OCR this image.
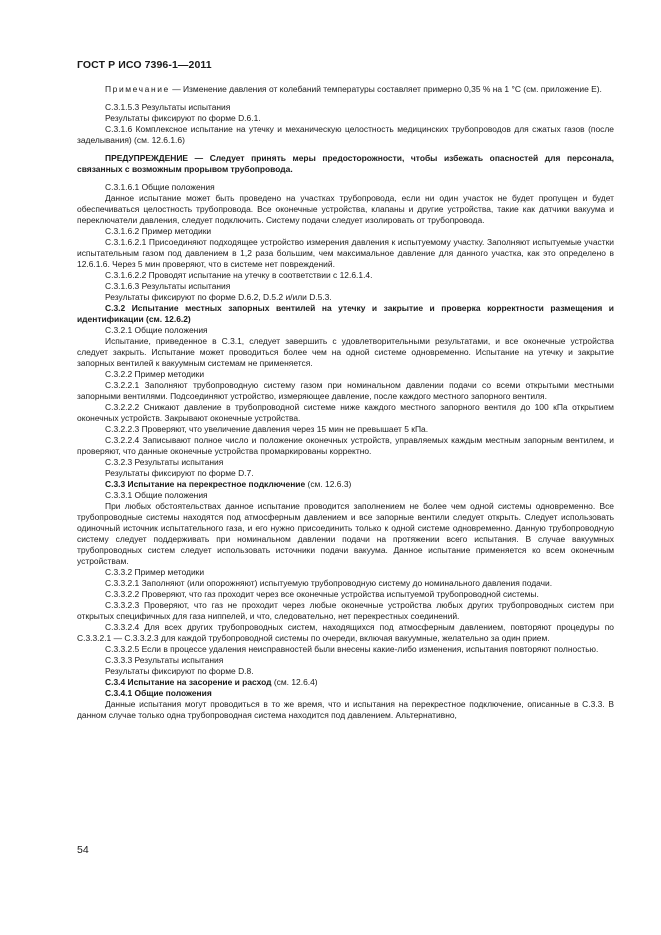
ГОСТ Р ИСО 7396-1—2011

Примечание — Изменение давления от колебаний температуры составляет примерно 0,35 % на 1 °C (см. приложение Е).

С.3.1.5.3 Результаты испытания

Результаты фиксируют по форме D.6.1.

С.3.1.6 Комплексное испытание на утечку и механическую целостность медицинских трубопроводов для сжатых газов (после заделывания) (см. 12.6.1.6)

ПРЕДУПРЕЖДЕНИЕ — Следует принять меры предосторожности, чтобы избежать опасностей для персонала, связанных с возможным прорывом трубопровода.

С.3.1.6.1 Общие положения

Данное испытание может быть проведено на участках трубопровода, если ни один участок не будет пропущен и будет обеспечиваться целостность трубопровода. Все оконечные устройства, клапаны и другие устройства, такие как датчики вакуума и переключатели давления, следует подключить. Систему подачи следует изолировать от трубопровода.

С.3.1.6.2 Пример методики

С.3.1.6.2.1 Присоединяют подходящее устройство измерения давления к испытуемому участку. Заполняют испытуемые участки испытательным газом под давлением в 1,2 раза большим, чем максимальное давление для данного участка, как это определено в 12.6.1.6. Через 5 мин проверяют, что в системе нет повреждений.

С.3.1.6.2.2 Проводят испытание на утечку в соответствии с 12.6.1.4.

С.3.1.6.3 Результаты испытания

Результаты фиксируют по форме D.6.2, D.5.2 и/или D.5.3.

С.3.2 Испытание местных запорных вентилей на утечку и закрытие и проверка корректности размещения и идентификации (см. 12.6.2)

С.3.2.1 Общие положения

Испытание, приведенное в С.3.1, следует завершить с удовлетворительными результатами, и все оконечные устройства следует закрыть. Испытание может проводиться более чем на одной системе одновременно. Испытание на утечку и закрытие запорных вентилей к вакуумным системам не применяется.

С.3.2.2 Пример методики

С.3.2.2.1 Заполняют трубопроводную систему газом при номинальном давлении подачи со всеми открытыми местными запорными вентилями. Подсоединяют устройство, измеряющее давление, после каждого местного запорного вентиля.

С.3.2.2.2 Снижают давление в трубопроводной системе ниже каждого местного запорного вентиля до 100 кПа открытием оконечных устройств. Закрывают оконечные устройства.

С.3.2.2.3 Проверяют, что увеличение давления через 15 мин не превышает 5 кПа.

С.3.2.2.4 Записывают полное число и положение оконечных устройств, управляемых каждым местным запорным вентилем, и проверяют, что данные оконечные устройства промаркированы корректно.

С.3.2.3 Результаты испытания

Результаты фиксируют по форме D.7.

С.3.3 Испытание на перекрестное подключение (см. 12.6.3)

С.3.3.1 Общие положения

При любых обстоятельствах данное испытание проводится заполнением не более чем одной системы одновременно. Все трубопроводные системы находятся под атмосферным давлением и все запорные вентили следует открыть. Следует использовать одиночный источник испытательного газа, и его нужно присоединить только к одной системе одновременно. Данную трубопроводную систему следует поддерживать при номинальном давлении подачи на протяжении всего испытания. В случае вакуумных трубопроводных систем следует использовать источники подачи вакуума. Данное испытание применяется ко всем оконечным устройствам.

С.3.3.2 Пример методики

С.3.3.2.1 Заполняют (или опорожняют) испытуемую трубопроводную систему до номинального давления подачи.

С.3.3.2.2 Проверяют, что газ проходит через все оконечные устройства испытуемой трубопроводной системы.

С.3.3.2.3 Проверяют, что газ не проходит через любые оконечные устройства любых других трубопроводных систем при открытых специфичных для газа ниппелей, и что, следовательно, нет перекрестных соединений.

С.3.3.2.4 Для всех других трубопроводных систем, находящихся под атмосферным давлением, повторяют процедуры по С.3.3.2.1 — С.3.3.2.3 для каждой трубопроводной системы по очереди, включая вакуумные, желательно за один прием.

С.3.3.2.5 Если в процессе удаления неисправностей были внесены какие-либо изменения, испытания повторяют полностью.

С.3.3.3 Результаты испытания

Результаты фиксируют по форме D.8.

С.3.4 Испытание на засорение и расход (см. 12.6.4)

С.3.4.1 Общие положения

Данные испытания могут проводиться в то же время, что и испытания на перекрестное подключение, описанные в С.3.3. В данном случае только одна трубопроводная система находится под давлением. Альтернативно,

54
